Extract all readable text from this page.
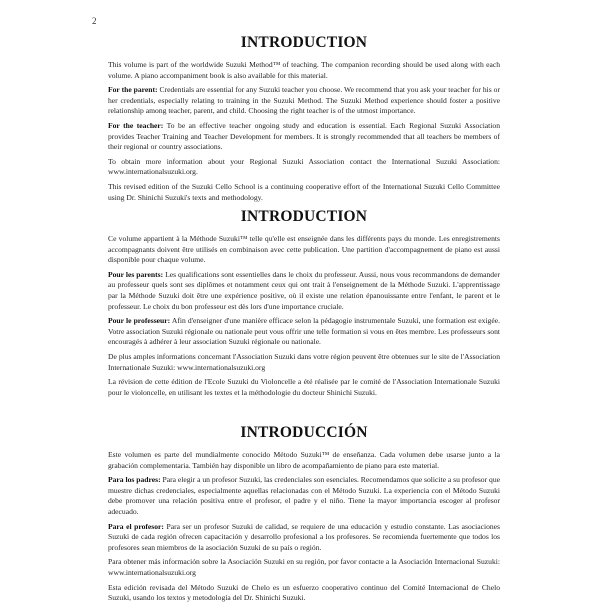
2
INTRODUCTION

This volume is part of the worldwide Suzuki Method™ of teaching. The companion recording should be used along with each volume. A piano accompaniment book is also available for this material.

For the parent: Credentials are essential for any Suzuki teacher you choose. We recommend that you ask your teacher for his or her credentials, especially relating to training in the Suzuki Method. The Suzuki Method experience should foster a positive relationship among teacher, parent, and child. Choosing the right teacher is of the utmost importance.

For the teacher: To be an effective teacher ongoing study and education is essential. Each Regional Suzuki Association provides Teacher Training and Teacher Development for members. It is strongly recommended that all teachers be members of their regional or country associations.

To obtain more information about your Regional Suzuki Association contact the International Suzuki Association: www.internationalsuzuki.org.

This revised edition of the Suzuki Cello School is a continuing cooperative effort of the International Suzuki Cello Committee using Dr. Shinichi Suzuki's texts and methodology.

INTRODUCTION

Ce volume appartient à la Méthode Suzuki™ telle qu'elle est enseignée dans les différents pays du monde. Les enregistrements accompagnants doivent être utilisés en combinaison avec cette publication. Une partition d'accompagnement de piano est aussi disponible pour chaque volume.

Pour les parents: Les qualifications sont essentielles dans le choix du professeur. Aussi, nous vous recommandons de demander au professeur quels sont ses diplômes et notamment ceux qui ont trait à l'enseignement de la Méthode Suzuki. L'apprentissage par la Méthode Suzuki doit être une expérience positive, où il existe une relation épanouissante entre l'enfant, le parent et le professeur. Le choix du bon professeur est dès lors d'une importance cruciale.

Pour le professeur: Afin d'enseigner d'une manière efficace selon la pédagogie instrumentale Suzuki, une formation est exigée. Votre association Suzuki régionale ou nationale peut vous offrir une telle formation si vous en êtes membre. Les professeurs sont encouragés à adhérer à leur association Suzuki régionale ou nationale.

De plus amples informations concernant l'Association Suzuki dans votre région peuvent être obtenues sur le site de l'Association Internationale Suzuki: www.internationalsuzuki.org

La révision de cette édition de l'Ecole Suzuki du Violoncelle a été réalisée par le comité de l'Association Internationale Suzuki pour le violoncelle, en utilisant les textes et la méthodologie du docteur Shinichi Suzuki.

INTRODUCCIÓN

Este volumen es parte del mundialmente conocido Método Suzuki™ de enseñanza. Cada volumen debe usarse junto a la grabación complementaria. También hay disponible un libro de acompañamiento de piano para este material.

Para los padres: Para elegir a un profesor Suzuki, las credenciales son esenciales. Recomendamos que solicite a su profesor que muestre dichas credenciales, especialmente aquellas relacionadas con el Método Suzuki. La experiencia con el Método Suzuki debe promover una relación positiva entre el profesor, el padre y el niño. Tiene la mayor importancia escoger al profesor adecuado.

Para el profesor: Para ser un profesor Suzuki de calidad, se requiere de una educación y estudio constante. Las asociaciones Suzuki de cada región ofrecen capacitación y desarrollo profesional a los profesores. Se recomienda fuertemente que todos los profesores sean miembros de la asociación Suzuki de su país o región.

Para obtener más información sobre la Asociación Suzuki en su región, por favor contacte a la Asociación Internacional Suzuki: www.internationalsuzuki.org

Esta edición revisada del Método Suzuki de Chelo es un esfuerzo cooperativo continuo del Comité Internacional de Chelo Suzuki, usando los textos y metodología del Dr. Shinichi Suzuki.
